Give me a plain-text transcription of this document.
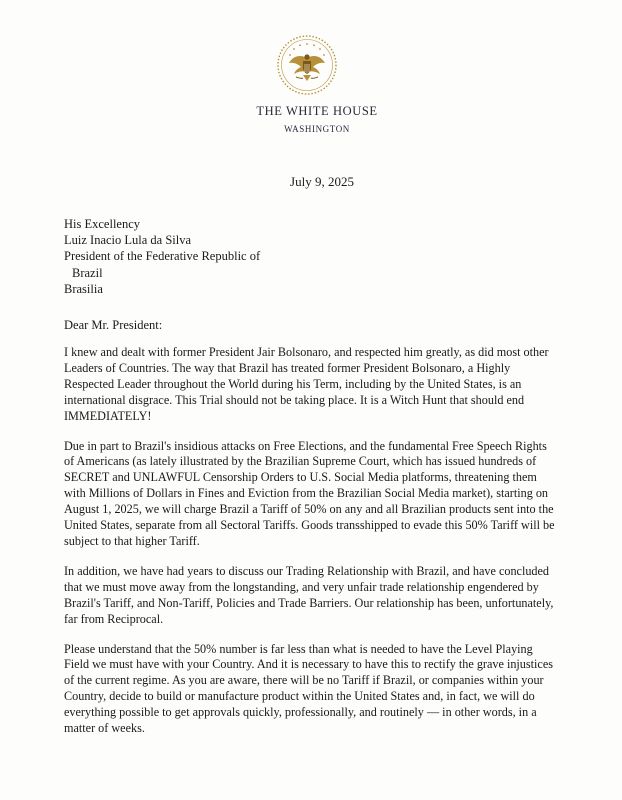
THE WHITE HOUSE
WASHINGTON
July 9, 2025
His Excellency
Luiz Inacio Lula da Silva
President of the Federative Republic of
Brazil
Brasilia
Dear Mr. President:

I knew and dealt with former President Jair Bolsonaro, and respected him greatly, as did most other Leaders of Countries. The way that Brazil has treated former President Bolsonaro, a Highly Respected Leader throughout the World during his Term, including by the United States, is an international disgrace. This Trial should not be taking place. It is a Witch Hunt that should end IMMEDIATELY!

Due in part to Brazil's insidious attacks on Free Elections, and the fundamental Free Speech Rights of Americans (as lately illustrated by the Brazilian Supreme Court, which has issued hundreds of SECRET and UNLAWFUL Censorship Orders to U.S. Social Media platforms, threatening them with Millions of Dollars in Fines and Eviction from the Brazilian Social Media market), starting on August 1, 2025, we will charge Brazil a Tariff of 50% on any and all Brazilian products sent into the United States, separate from all Sectoral Tariffs. Goods transshipped to evade this 50% Tariff will be subject to that higher Tariff.

In addition, we have had years to discuss our Trading Relationship with Brazil, and have concluded that we must move away from the longstanding, and very unfair trade relationship engendered by Brazil's Tariff, and Non-Tariff, Policies and Trade Barriers. Our relationship has been, unfortunately, far from Reciprocal.

Please understand that the 50% number is far less than what is needed to have the Level Playing Field we must have with your Country. And it is necessary to have this to rectify the grave injustices of the current regime. As you are aware, there will be no Tariff if Brazil, or companies within your Country, decide to build or manufacture product within the United States and, in fact, we will do everything possible to get approvals quickly, professionally, and routinely — in other words, in a matter of weeks.
